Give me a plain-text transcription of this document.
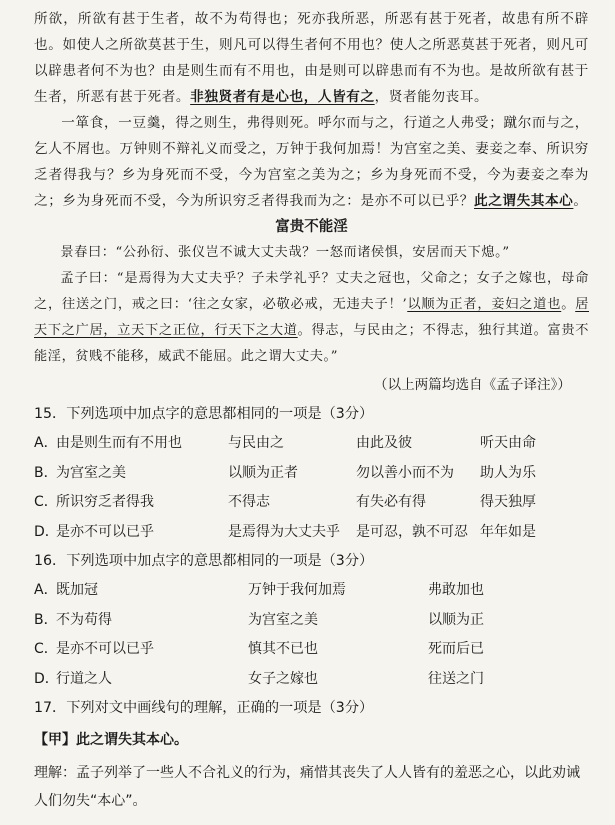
所欲，所欲有甚于生者，故不为苟得也；死亦我所恶，所恶有甚于死者，故患有所不辟也。如使人之所欲莫甚于生，则凡可以得生者何不用也？使人之所恶莫甚于死者，则凡可以辟患者何不为也？由是则生而有不用也，由是则可以辟患而有不为也。是故所欲有甚于生者，所恶有甚于死者。非独贤者有是心也，人皆有之，贤者能勿丧耳。

一箪食，一豆羹，得之则生，弗得则死。呼尔而与之，行道之人弗受；蹴尔而与之，乞人不屑也。万钟则不辩礼义而受之，万钟于我何加焉！为宫室之美、妻妾之奉、所识穷乏者得我与？乡为身死而不受，今为宫室之美为之；乡为身死而不受，今为妻妾之奉为之；乡为身死而不受，今为所识穷乏者得我而为之：是亦不可以已乎？此之谓失其本心。

富贵不能淫

景春曰：“公孙衍、张仪岂不诚大丈夫哉？一怒而诸侯惧，安居而天下熄。”

孟子曰：“是焉得为大丈夫乎？子未学礼乎？丈夫之冠也，父命之；女子之嫁也，母命之，往送之门，戒之曰：‘往之女家，必敬必戒，无违夫子！’以顺为正者，妾妇之道也。居天下之广居，立天下之正位，行天下之大道。得志，与民由之；不得志，独行其道。富贵不能淫，贫贱不能移，威武不能屈。此之谓大丈夫。”

（以上两篇均选自《孟子译注》）

15．下列选项中加点字的意思都相同的一项是（3分）

A．
由是则生而有不用也	与民由之	由此及彼	听天由命
B．
为宫室之美	以顺为正者	勿以善小而不为	助人为乐
C．
所识穷乏者得我	不得志	有失必有得	得天独厚
D．
是亦不可以已乎	是焉得为大丈夫乎	是可忍，孰不可忍 年年如是

16．下列选项中加点字的意思都相同的一项是（3分）

A．
既加冠	万钟于我何加焉	弗敢加也
B．
不为苟得	为宫室之美	以顺为正
C．
是亦不可以已乎	慎其不已也	死而后已
D．
行道之人	女子之嫁也	往送之门

17．下列对文中画线句的理解，正确的一项是（3分）

【甲】此之谓失其本心。

理解：孟子列举了一些人不合礼义的行为，痛惜其丧失了人人皆有的羞恶之心，以此劝诫人们勿失“本心”。
